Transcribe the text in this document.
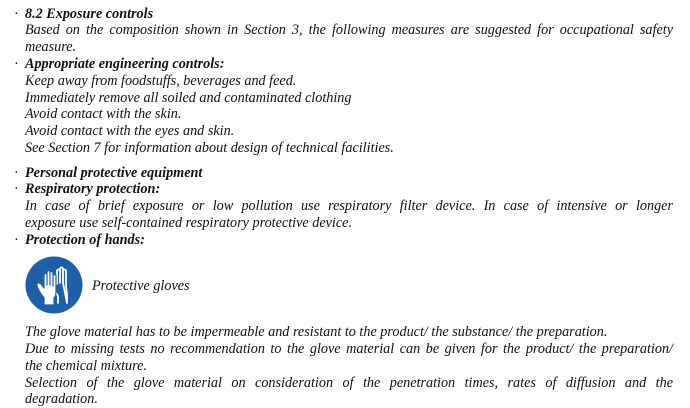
· 8.2 Exposure controls
Based on the composition shown in Section 3, the following measures are suggested for occupational safety
measure.
· Appropriate engineering controls:
Keep away from foodstuffs, beverages and feed.
Immediately remove all soiled and contaminated clothing
Avoid contact with the skin.
Avoid contact with the eyes and skin.
See Section 7 for information about design of technical facilities.
· Personal protective equipment
· Respiratory protection:
In case of brief exposure or low pollution use respiratory filter device. In case of intensive or longer
exposure use self-contained respiratory protective device.
· Protection of hands:
Protective gloves
The glove material has to be impermeable and resistant to the product/ the substance/ the preparation.
Due to missing tests no recommendation to the glove material can be given for the product/ the preparation/
the chemical mixture.
Selection of the glove material on consideration of the penetration times, rates of diffusion and the
degradation.
